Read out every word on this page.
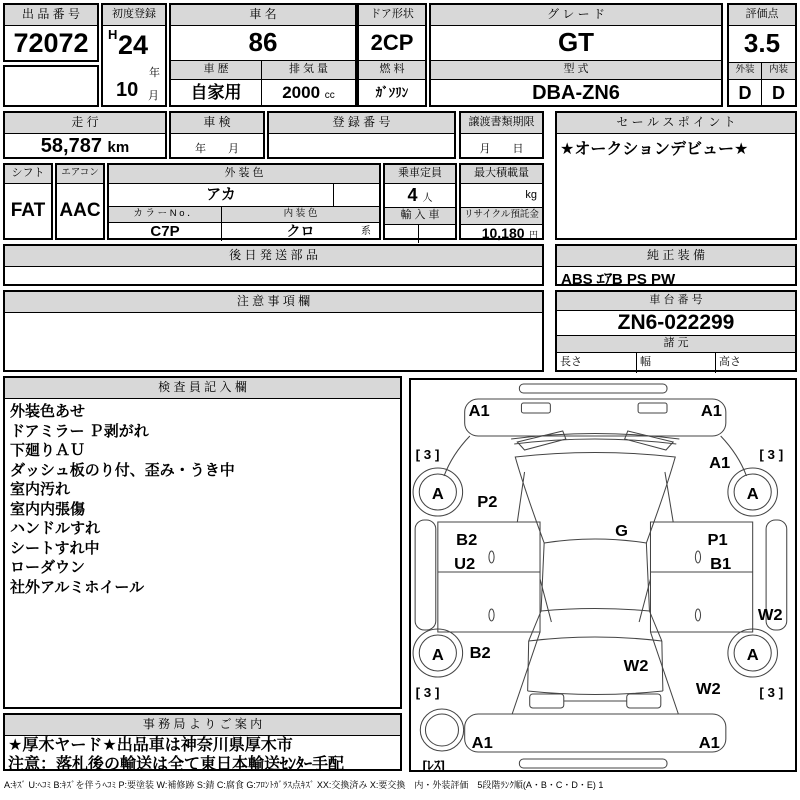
出 品 番 号
72072
初度登録
H 24
年
10 月
車 名
86
車 歴
自家用
排 気 量
2000 cc
ドア形状
2CP
燃 料
ｶﾞｿﾘﾝ
グ レ ー ド
GT
型 式
DBA-ZN6
評価点
3.5
外装
D
内装
D
走 行
58,787 km
車 検
年　　月
登 録 番 号	譲渡書類期限
月　　日
セ ー ル ス ポ イ ン ト
★オークションデビュー★
シフト
FAT
エアコン
AAC
外 装 色
アカ
カ ラ ー N o ．	内 装 色
C7P	クロ	系
乗車定員
4 人
輸 入 車
最大積載量
kg
リサイクル預託金
10,180 円
後 日 発 送 部 品	純 正 装 備
ABS ｴｱB PS PW
注 意 事 項 欄	車 台 番 号
ZN6-022299
諸 元
長さ	幅	高さ
検 査 員 記 入 欄
外装色あせ
ドアミラー Ｐ剥がれ
下廻りＡＵ
ダッシュ板のり付、歪み・うき中
室内汚れ
室内内張傷
ハンドルすれ
シートすれ中
ローダウン
社外アルミホイール
A1	A1
[ 3 ]	[ 3 ]
A1
A	A
P2
G
B2	P1
U2	B1
W2
B2
A	A
W2
W2
[ 3 ]	[ 3 ]
A1	A1
[ﾚｽ]
事 務 局 よ り ご 案 内
★厚木ヤード★出品車は神奈川県厚木市
注意：落札後の輸送は全て東日本輸送ｾﾝﾀｰ手配
A:ｷｽﾞ U:ﾍｺﾐ B:ｷｽﾞを伴うﾍｺﾐ P:要塗装 W:補修跡 S:錆 C:腐食 G:ﾌﾛﾝﾄｶﾞﾗｽ点ｷｽﾞ XX:交換済み X:要交換　内・外装評価　5段階ﾗﾝｸ順(A・B・C・D・E) 1
